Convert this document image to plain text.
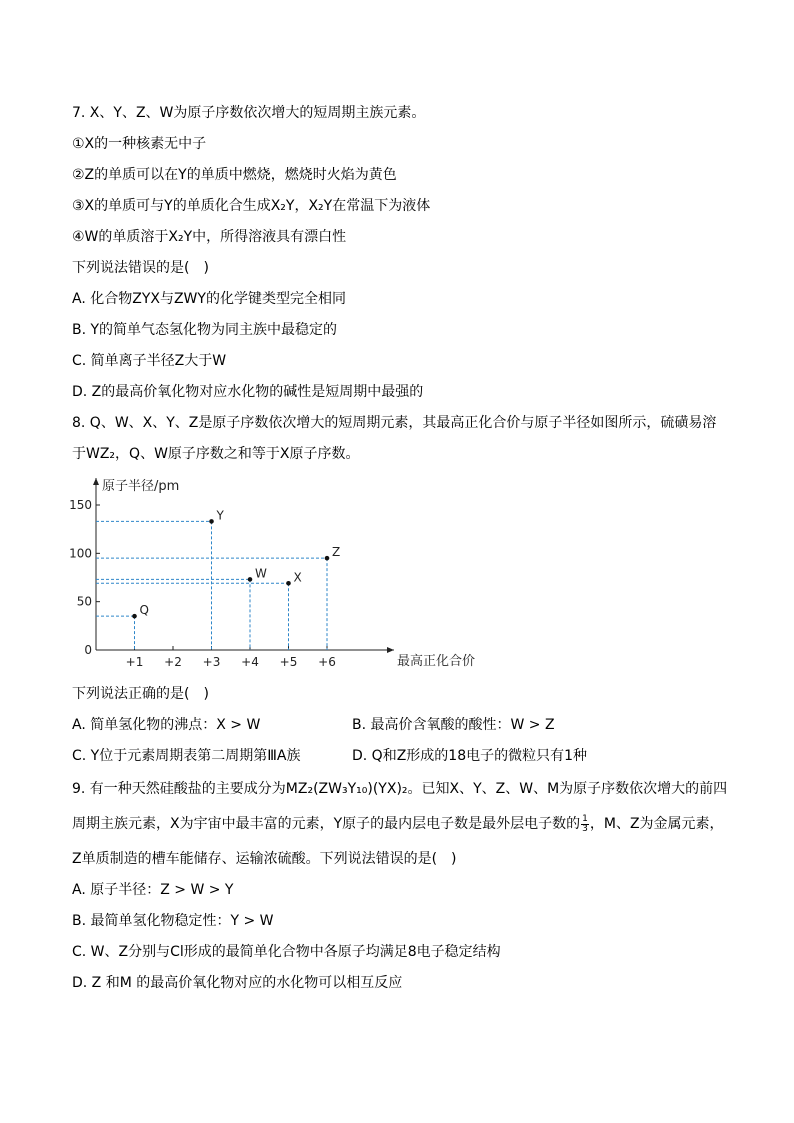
7. X、Y、Z、W为原子序数依次增大的短周期主族元素。
①X的一种核素无中子
②Z的单质可以在Y的单质中燃烧，燃烧时火焰为黄色
③X的单质可与Y的单质化合生成X₂Y，X₂Y在常温下为液体
④W的单质溶于X₂Y中，所得溶液具有漂白性
下列说法错误的是(　)
A. 化合物ZYX与ZWY的化学键类型完全相同
B. Y的简单气态氢化物为同主族中最稳定的
C. 简单离子半径Z大于W
D. Z的最高价氧化物对应水化物的碱性是短周期中最强的
8. Q、W、X、Y、Z是原子序数依次增大的短周期元素，其最高正化合价与原子半径如图所示，硫磺易溶
于WZ₂，Q、W原子序数之和等于X原子序数。
原子半径/pm
最高正化合价
0
50
100
150
+1 +2 +3 +4 +5 +6
Q
Y
W X
Z
下列说法正确的是(　)
A. 简单氢化物的沸点：X > W	B. 最高价含氧酸的酸性：W > Z
C. Y位于元素周期表第二周期第ⅢA族	D. Q和Z形成的18电子的微粒只有1种
9. 有一种天然硅酸盐的主要成分为MZ₂(ZW₃Y₁₀)(YX)₂。已知X、Y、Z、W、M为原子序数依次增大的前四
周期主族元素，X为宇宙中最丰富的元素，Y原子的最内层电子数是最外层电子数的 $\frac{1}{3}$ ，M、Z为金属元素，
Z单质制造的槽车能储存、运输浓硫酸。下列说法错误的是(　)
A. 原子半径：Z > W > Y
B. 最简单氢化物稳定性：Y > W
C. W、Z分别与Cl形成的最简单化合物中各原子均满足8电子稳定结构
D. Z 和M 的最高价氧化物对应的水化物可以相互反应
